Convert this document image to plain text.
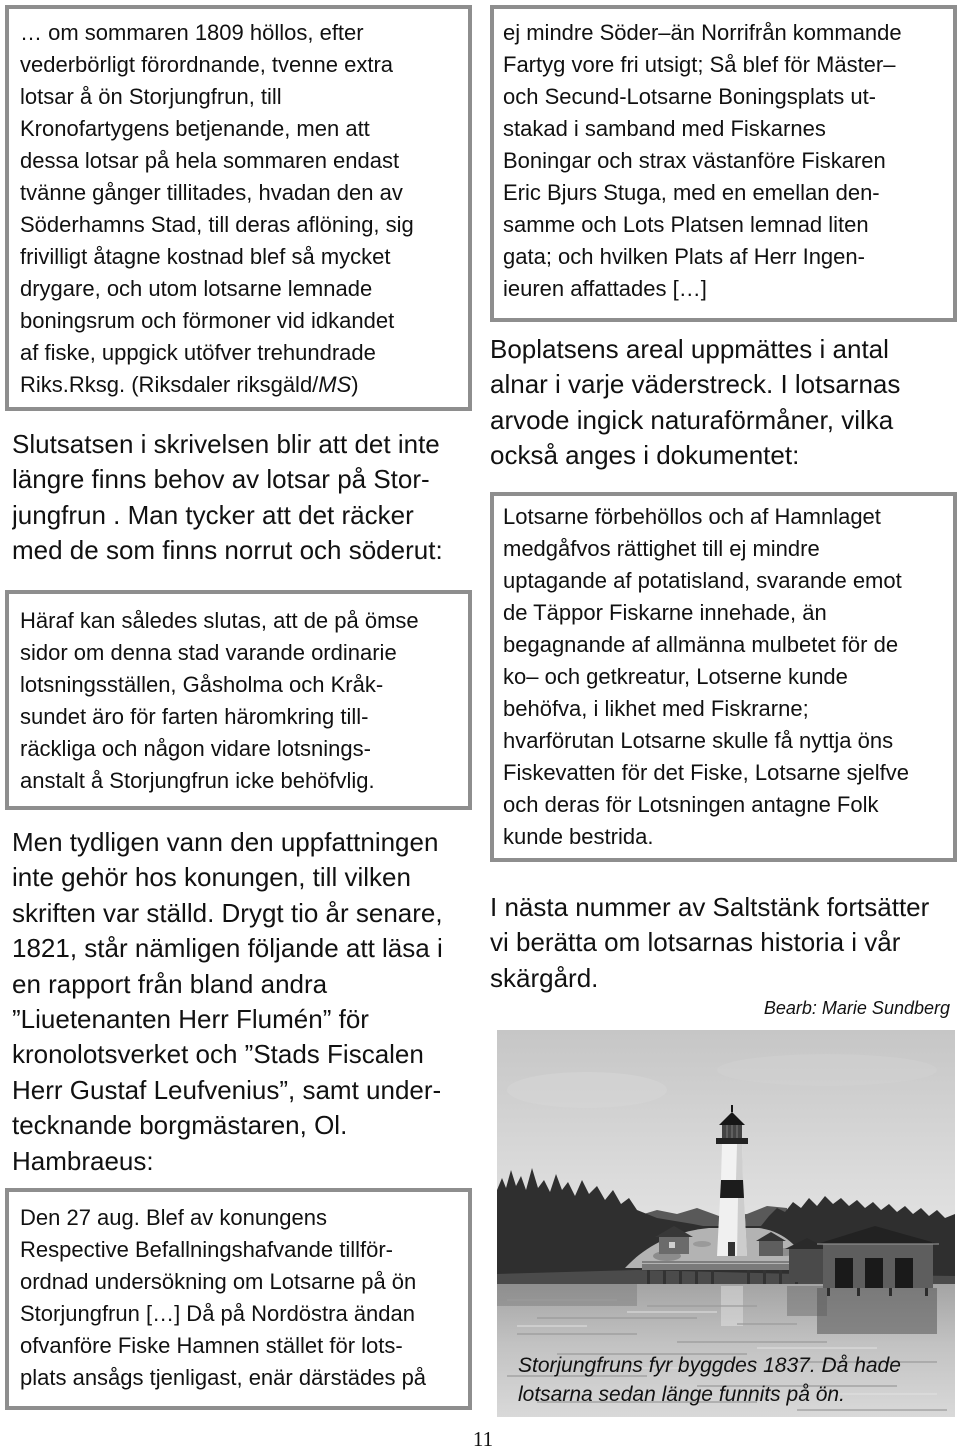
… om sommaren 1809 höllos, efter
vederbörligt förordnande, tvenne extra
lotsar å ön Storjungfrun, till
Kronofartygens betjenande, men att
dessa lotsar på hela sommaren endast
tvänne gånger tillitades, hvadan den av
Söderhamns Stad, till deras aflöning, sig
frivilligt åtagne kostnad blef så mycket
drygare, och utom lotsarne lemnade
boningsrum och förmoner vid idkandet
af fiske, uppgick utöfver trehundrade
Riks.Rksg. (Riksdaler riksgäld/MS)
Slutsatsen i skrivelsen blir att det inte
längre finns behov av lotsar på Stor-
jungfrun . Man tycker att det räcker
med de som finns norrut och söderut:
Häraf kan således slutas, att de på ömse
sidor om denna stad varande ordinarie
lotsningsställen, Gåsholma och Kråk-
sundet äro för farten häromkring till-
räckliga och någon vidare lotsnings-
anstalt å Storjungfrun icke behöfvlig.
Men tydligen vann den uppfattningen
inte gehör hos konungen, till vilken
skriften var ställd. Drygt tio år senare,
1821, står nämligen följande att läsa i
en rapport från bland andra
”Liuetenanten Herr Flumén” för
kronolotsverket och ”Stads Fiscalen
Herr Gustaf Leufvenius”, samt under-
tecknande borgmästaren, Ol.
Hambraeus:
Den 27 aug. Blef av konungens
Respective Befallningshafvande tillför-
ordnad undersökning om Lotsarne på ön
Storjungfrun […] Då på Nordöstra ändan
ofvanföre Fiske Hamnen stället för lots-
plats ansågs tjenligast, enär därstädes på
11
ej mindre Söder–än Norrifrån kommande
Fartyg vore fri utsigt; Så blef för Mäster–
och Secund-Lotsarne Boningsplats ut-
stakad i samband med Fiskarnes
Boningar och strax västanföre Fiskaren
Eric Bjurs Stuga, med en emellan den-
samme och Lots Platsen lemnad liten
gata; och hvilken Plats af Herr Ingen-
ieuren affattades […]
Boplatsens areal uppmättes i antal
alnar i varje väderstreck. I lotsarnas
arvode ingick naturaförmåner, vilka
också anges i dokumentet:
Lotsarne förbehöllos och af Hamnlaget
medgåfvos rättighet till ej mindre
uptagande af potatisland, svarande emot
de Täppor Fiskarne innehade, än
begagnande af allmänna mulbetet för de
ko– och getkreatur, Lotserne kunde
behöfva, i likhet med Fiskrarne;
hvarförutan Lotsarne skulle få nyttja öns
Fiskevatten för det Fiske, Lotsarne sjelfve
och deras för Lotsningen antagne Folk
kunde bestrida.
I nästa nummer av Saltstänk fortsätter
vi berätta om lotsarnas historia i vår
skärgård.
Bearb: Marie Sundberg
Storjungfruns fyr byggdes 1837. Då hade
lotsarna sedan länge funnits på ön.
